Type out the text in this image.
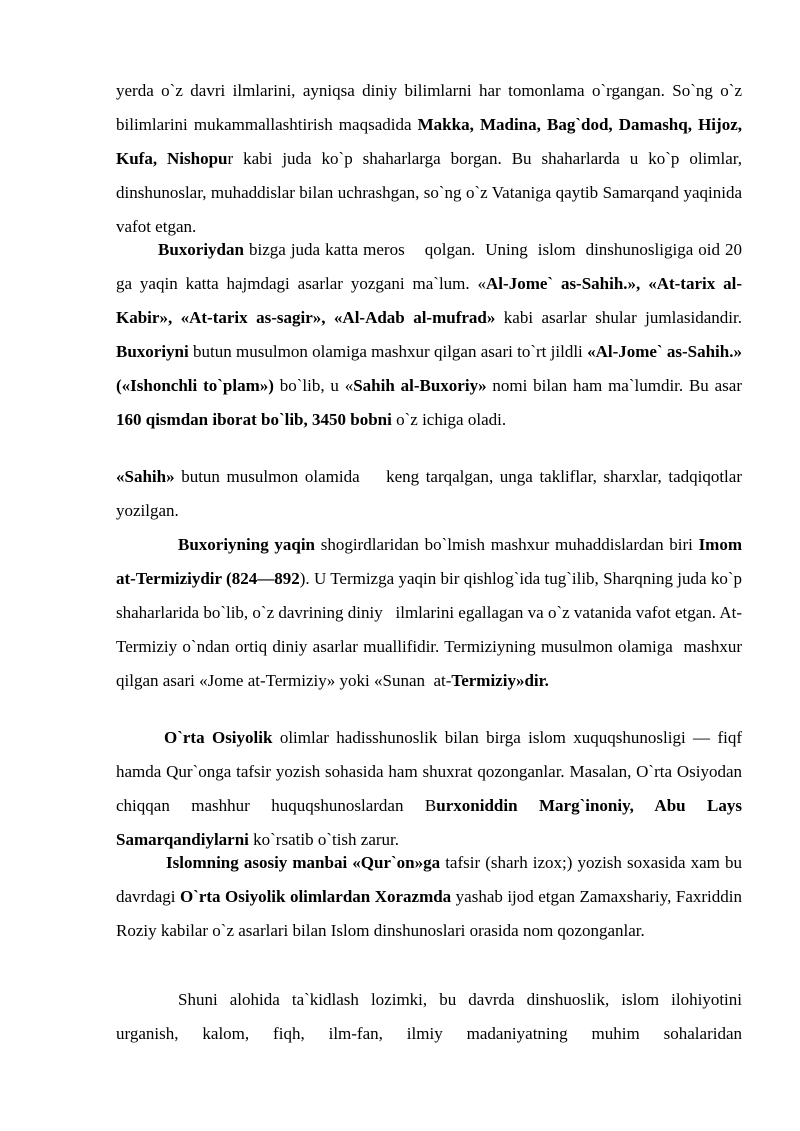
yerda o`z davri ilmlarini, ayniqsa diniy bilimlarni har tomonlama o`rgangan. So`ng o`z bilimlarini mukammallashtirish maqsadida Makka, Madina, Bag`dod, Damashq, Hijoz, Kufa, Nishopur kabi juda ko`p shaharlarga borgan. Bu shaharlarda u ko`p olimlar, dinshunoslar, muhaddislar bilan uchrashgan, so`ng o`z Vataniga qaytib Samarqand yaqinida vafot etgan.

Buxoriydan bizga juda katta meros    qolgan.  Uning  islom  dinshunosligiga oid 20 ga yaqin katta hajmdagi asarlar yozgani ma`lum. «Al-Jome` as-Sahih.», «At-tarix al-Kabir», «At-tarix as-sagir», «Al-Adab al-mufrad» kabi asarlar shular jumlasidandir. Buxoriyni butun musulmon olamiga mashxur qilgan asari to`rt jildli «Al-Jome` as-Sahih.» («Ishonchli to`plam») bo`lib, u «Sahih al-Buxoriy» nomi bilan ham ma`lumdir. Bu asar 160 qismdan iborat bo`lib, 3450 bobni o`z ichiga oladi.

«Sahih» butun musulmon olamida    keng tarqalgan, unga takliflar, sharxlar, tadqiqotlar yozilgan.

Buxoriyning yaqin shogirdlaridan bo`lmish mashxur muhaddislardan biri Imom at-Termiziydir (824—892). U Termizga yaqin bir qishlog`ida tug`ilib, Sharqning juda ko`p shaharlarida bo`lib, o`z davrining diniy   ilmlarini egallagan va o`z vatanida vafot etgan. At-Termiziy o`ndan ortiq diniy asarlar muallifidir. Termiziyning musulmon olamiga  mashxur qilgan asari «Jome at-Termiziy» yoki «Sunan  at-Termiziy»dir.

O`rta Osiyolik olimlar hadisshunoslik bilan birga islom xuquqshunosligi — fiqf hamda Qur`onga tafsir yozish sohasida ham shuxrat qozonganlar. Masalan, O`rta Osiyodan chiqqan mashhur huquqshunoslardan Burxoniddin Marg`inoniy, Abu Lays Samarqandiylarni ko`rsatib o`tish zarur.

Islomning asosiy manbai «Qur`on»ga tafsir (sharh izox;) yozish soxasida xam bu davrdagi O`rta Osiyolik olimlardan Xorazmda yashab ijod etgan Zamaxshariy, Faxriddin Roziy kabilar o`z asarlari bilan Islom dinshunoslari orasida nom qozonganlar.

Shuni alohida ta`kidlash lozimki, bu davrda dinshuoslik, islom ilohiyotini urganish, kalom, fiqh, ilm-fan, ilmiy madaniyatning muhim sohalaridan
